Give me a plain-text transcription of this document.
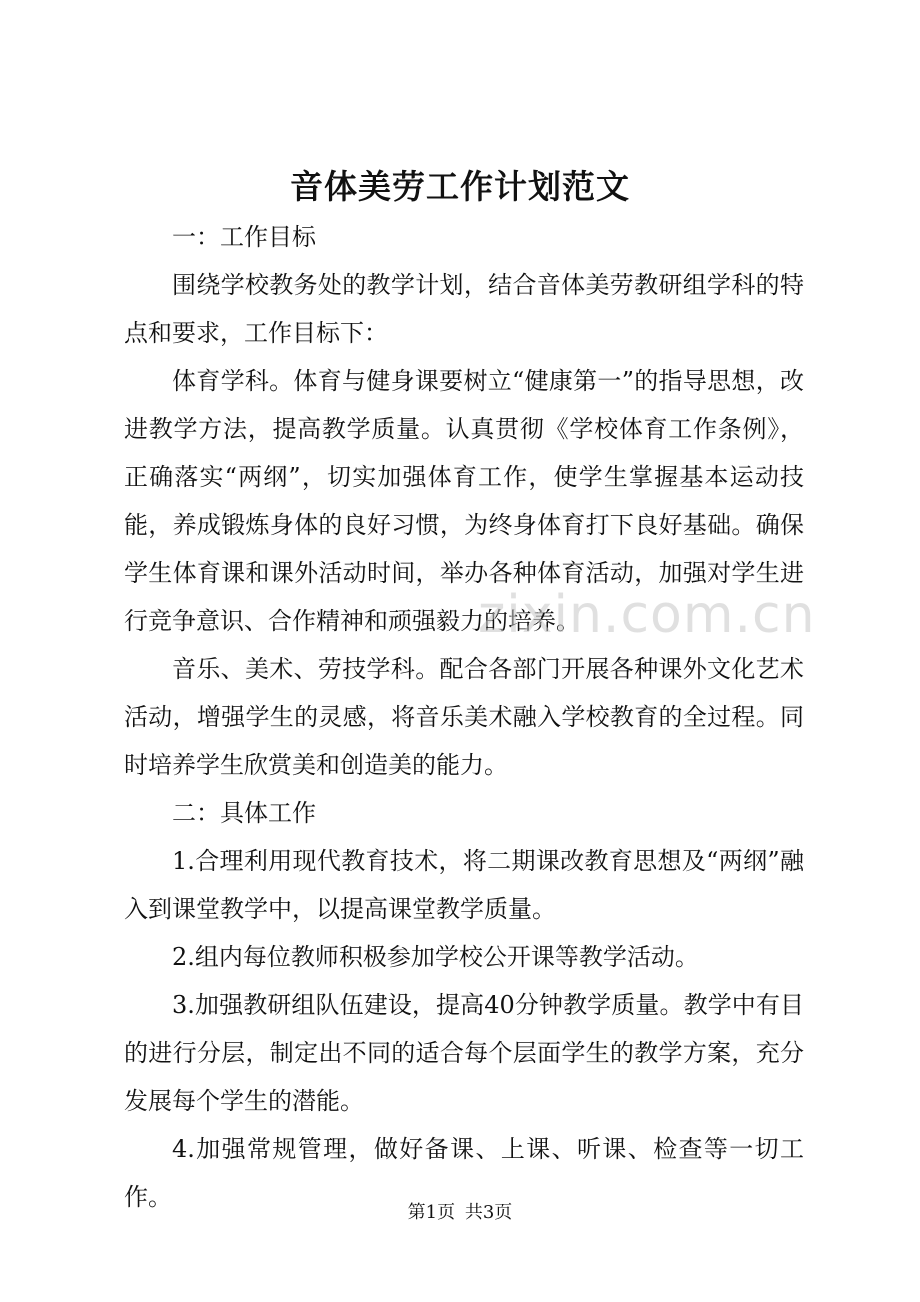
音体美劳工作计划范文

一：工作目标

围绕学校教务处的教学计划，结合音体美劳教研组学科的特点和要求，工作目标下：

体育学科。体育与健身课要树立“健康第一”的指导思想，改进教学方法，提高教学质量。认真贯彻《学校体育工作条例》，正确落实“两纲”，切实加强体育工作，使学生掌握基本运动技能，养成锻炼身体的良好习惯，为终身体育打下良好基础。确保学生体育课和课外活动时间，举办各种体育活动，加强对学生进行竞争意识、合作精神和顽强毅力的培养。

音乐、美术、劳技学科。配合各部门开展各种课外文化艺术活动，增强学生的灵感，将音乐美术融入学校教育的全过程。同时培养学生欣赏美和创造美的能力。

二：具体工作

1.合理利用现代教育技术，将二期课改教育思想及“两纲”融入到课堂教学中，以提高课堂教学质量。

2.组内每位教师积极参加学校公开课等教学活动。

3.加强教研组队伍建设，提高40分钟教学质量。教学中有目的进行分层，制定出不同的适合每个层面学生的教学方案，充分发展每个学生的潜能。

4.加强常规管理，做好备课、上课、听课、检查等一切工作。

zixin.com.cn
第1页 共3页
